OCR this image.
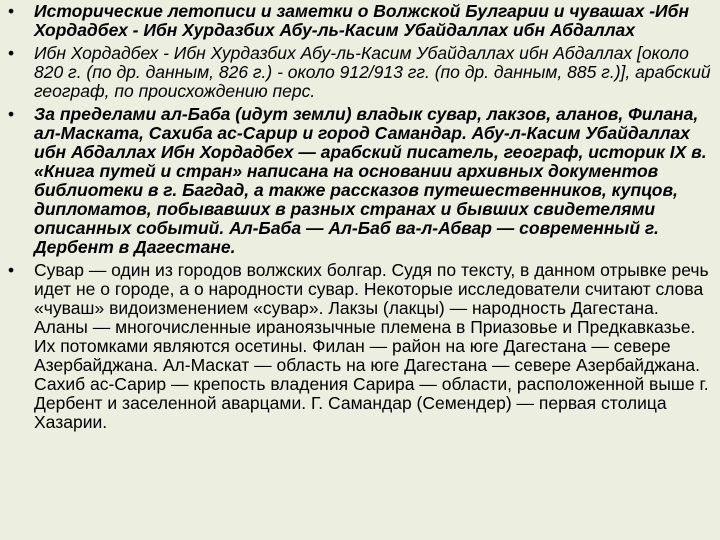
•	Исторические летописи и заметки о Волжской Булгарии и чувашах -Ибн Хордадбех - Ибн Хурдазбих Абу-ль-Касим Убайдаллах ибн Абдаллах
•	Ибн Хордадбех - Ибн Хурдазбих Абу-ль-Касим Убайдаллах ибн Абдаллах [около 820 г. (по др. данным, 826 г.) - около 912/913 гг. (по др. данным, 885 г.)], арабский географ, по происхождению перс.
•	За пределами ал-Баба (идут земли) владык сувар, лакзов, аланов, Филана, ал-Маската, Сахиба ас-Сарир и город Самандар. Абу-л-Касим Убайдаллах ибн Абдаллах Ибн Хордадбех — арабский писатель, географ, историк IX в. «Книга путей и стран» написана на основании архивных документов библиотеки в г. Багдад, а также рассказов путешественников, купцов, дипломатов, побывавших в разных странах и бывших свидетелями описанных событий. Ал-Баба — Ал-Баб ва-л-Абвар — современный г. Дербент в Дагестане.
•	Сувар — один из городов волжских болгар. Судя по тексту, в данном отрывке речь идет не о городе, а о народности сувар. Некоторые исследователи считают слова «чуваш» видоизменением «сувар». Лакзы (лакцы) — народность Дагестана. Аланы — многочисленные ираноязычные племена в Приазовье и Предкавказье. Их потомками являются осетины. Филан — район на юге Дагестана — севере Азербайджана. Ал-Маскат — область на юге Дагестана — севере Азербайджана. Сахиб ас-Сарир — крепость владения Сарира — области, расположенной выше г. Дербент и заселенной аварцами. Г. Самандар (Семендер) — первая столица Хазарии.
